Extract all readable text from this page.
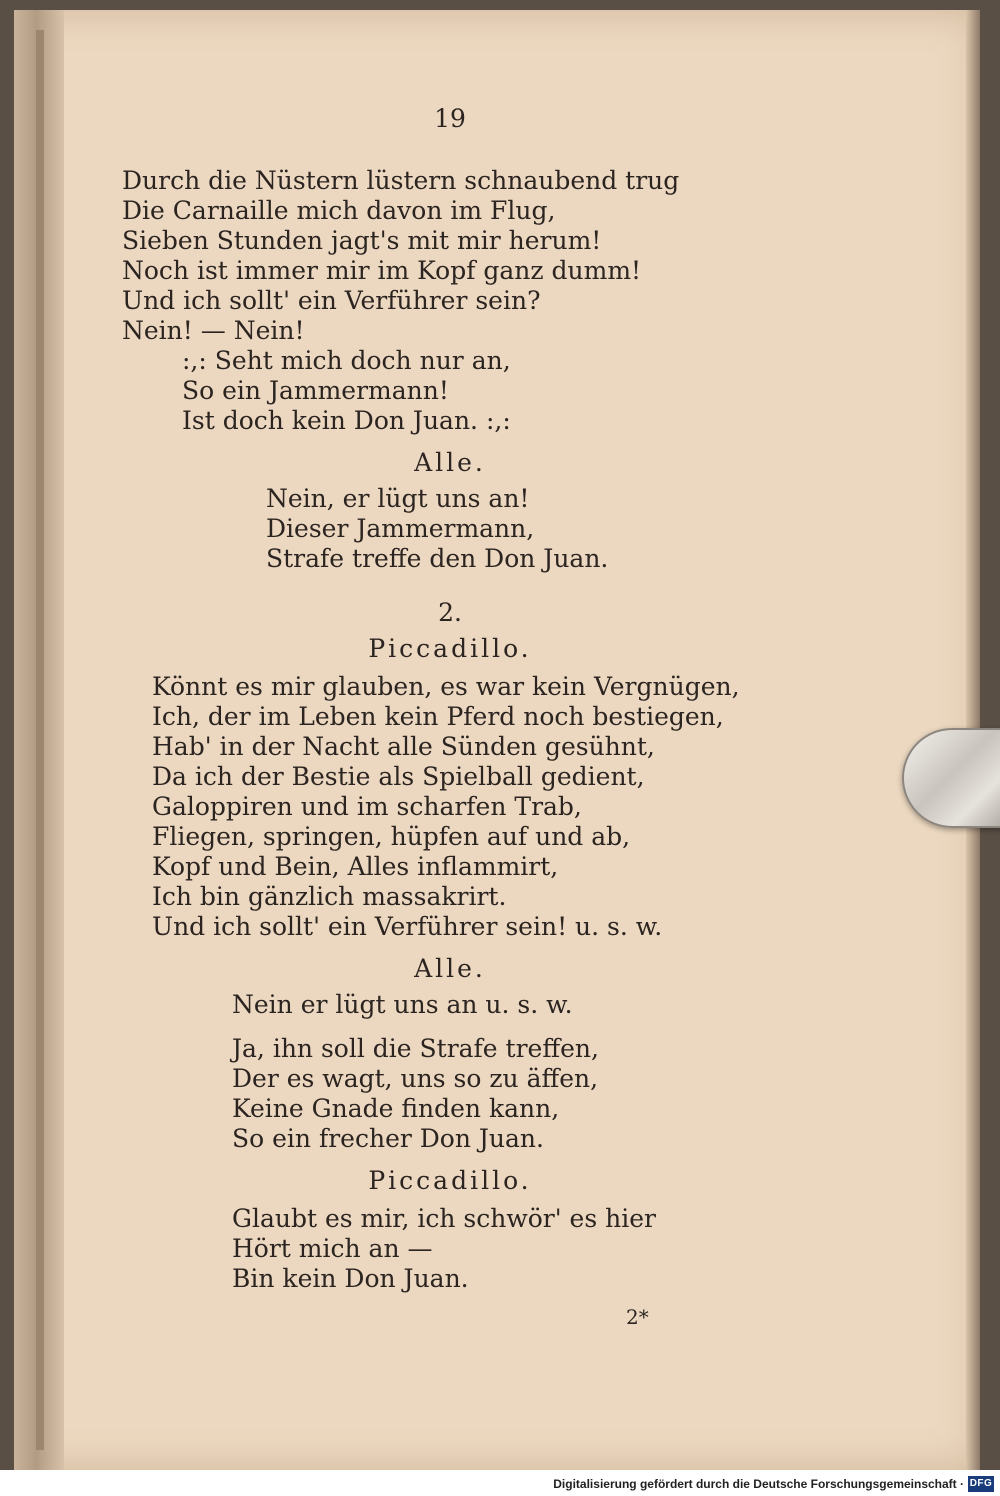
19
Durch die Nüstern lüstern schnaubend trug
Die Carnaille mich davon im Flug,
Sieben Stunden jagt's mit mir herum!
Noch ist immer mir im Kopf ganz dumm!
Und ich sollt' ein Verführer sein?
Nein! — Nein!
:,: Seht mich doch nur an,
So ein Jammermann!
Ist doch kein Don Juan. :,:
Alle.
Nein, er lügt uns an!
Dieser Jammermann,
Strafe treffe den Don Juan.
2.
Piccadillo.
Könnt es mir glauben, es war kein Vergnügen,
Ich, der im Leben kein Pferd noch bestiegen,
Hab' in der Nacht alle Sünden gesühnt,
Da ich der Bestie als Spielball gedient,
Galoppiren und im scharfen Trab,
Fliegen, springen, hüpfen auf und ab,
Kopf und Bein, Alles inflammirt,
Ich bin gänzlich massakrirt.
Und ich sollt' ein Verführer sein! u. s. w.
Alle.
Nein er lügt uns an u. s. w.
Ja, ihn soll die Strafe treffen,
Der es wagt, uns so zu äffen,
Keine Gnade finden kann,
So ein frecher Don Juan.
Piccadillo.
Glaubt es mir, ich schwör' es hier
Hört mich an —
Bin kein Don Juan.
2*
Digitalisierung gefördert durch die Deutsche Forschungsgemeinschaft · DFG
